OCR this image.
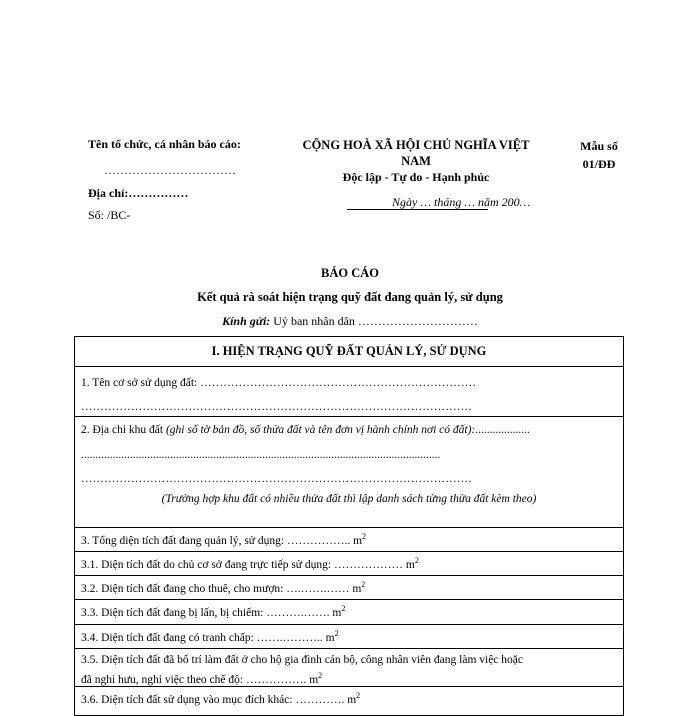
Tên tổ chức, cá nhân báo cáo:
……………………………
Địa chỉ:……………
Số: /BC-
CỘNG HOÀ XÃ HỘI CHỦ NGHĨA VIỆT
NAM
Độc lập - Tự do - Hạnh phúc
Ngày … tháng … năm 200…
Mẫu số
01/ĐĐ
BÁO CÁO
Kết quả rà soát hiện trạng quỹ đất đang quản lý, sử dụng
Kính gửi: Uỷ ban nhân dân …………………………
I. HIỆN TRẠNG QUỸ ĐẤT QUẢN LÝ, SỬ DỤNG
1. Tên cơ sở sử dụng đất: ………………………………………………………………
…………………………………………………………………………………………
2. Địa chỉ khu đất (ghi số tờ bản đồ, số thửa đất và tên đơn vị hành chính nơi có đất):...................
.............................................................................................................................
…………………………………………………………………………………………
(Trường hợp khu đất có nhiều thửa đất thì lập danh sách từng thửa đất kèm theo)
3. Tổng diện tích đất đang quản lý, sử dụng: …………….. $m^2$
3.1. Diện tích đất do chủ cơ sở đang trực tiếp sử dụng: ……………… $m^2$
3.2. Diện tích đất đang cho thuê, cho mượn: ….…….…… $m^2$
3.3. Diện tích đất đang bị lấn, bị chiếm: ……….……. $m^2$
3.4. Diện tích đất đang có tranh chấp: …….……….. $m^2$
3.5. Diện tích đất đã bố trí làm đất ở cho hộ gia đình cán bộ, công nhân viên đang làm việc hoặc
đã nghỉ hưu, nghỉ việc theo chế độ: ……………. $m^2$
3.6. Diện tích đất sử dụng vào mục đích khác: …………. $m^2$
